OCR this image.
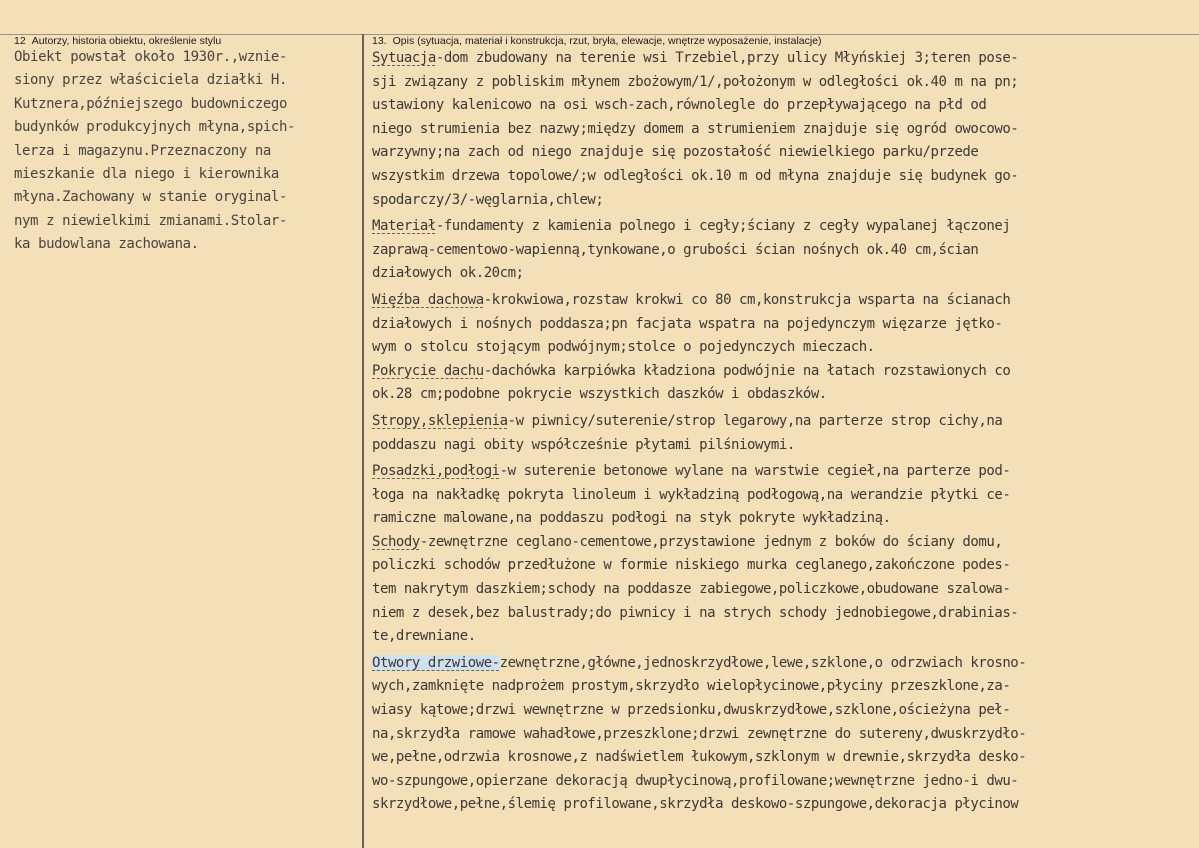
12 Autorzy, historia obiektu, określenie stylu	13. Opis (sytuacja, materiał i konstrukcja, rzut, bryła, elewacje, wnętrze wyposażenie, instalacje)
Obiekt powstał około 1930r.,wznie-
siony przez właściciela działki H.
Kutznera,późniejszego budowniczego
budynków produkcyjnych młyna,spich-
lerza i magazynu.Przeznaczony na
mieszkanie dla niego i kierownika
młyna.Zachowany w stanie oryginal-
nym z niewielkimi zmianami.Stolar-
ka budowlana zachowana.
Sytuacja-dom zbudowany na terenie wsi Trzebiel,przy ulicy Młyńskiej 3;teren pose-
sji związany z pobliskim młynem zbożowym/1/,położonym w odległości ok.40 m na pn;
ustawiony kalenicowo na osi wsch-zach,równolegle do przepływającego na płd od
niego strumienia bez nazwy;między domem a strumieniem znajduje się ogród owocowo-
warzywny;na zach od niego znajduje się pozostałość niewielkiego parku/przede
wszystkim drzewa topolowe/;w odległości ok.10 m od młyna znajduje się budynek go-
spodarczy/3/-węglarnia,chlew;
Materiał-fundamenty z kamienia polnego i cegły;ściany z cegły wypalanej łączonej
zaprawą-cementowo-wapienną,tynkowane,o grubości ścian nośnych ok.40 cm,ścian
działowych ok.20cm;
Więźba dachowa-krokwiowa,rozstaw krokwi co 80 cm,konstrukcja wsparta na ścianach
działowych i nośnych poddasza;pn facjata wspatra na pojedynczym więzarze jętko-
wym o stolcu stojącym podwójnym;stolce o pojedynczych mieczach.
Pokrycie dachu-dachówka karpiówka kładziona podwójnie na łatach rozstawionych co
ok.28 cm;podobne pokrycie wszystkich daszków i obdaszków.
Stropy,sklepienia-w piwnicy/suterenie/strop legarowy,na parterze strop cichy,na
poddaszu nagi obity współcześnie płytami pilśniowymi.
Posadzki,podłogi-w suterenie betonowe wylane na warstwie cegieł,na parterze pod-
łoga na nakładkę pokryta linoleum i wykładziną podłogową,na werandzie płytki ce-
ramiczne malowane,na poddaszu podłogi na styk pokryte wykładziną.
Schody-zewnętrzne ceglano-cementowe,przystawione jednym z boków do ściany domu,
policzki schodów przedłużone w formie niskiego murka ceglanego,zakończone podes-
tem nakrytym daszkiem;schody na poddasze zabiegowe,policzkowe,obudowane szalowa-
niem z desek,bez balustrady;do piwnicy i na strych schody jednobiegowe,drabinias-
te,drewniane.
Otwory drzwiowe-zewnętrzne,główne,jednoskrzydłowe,lewe,szklone,o odrzwiach krosno-
wych,zamknięte nadprożem prostym,skrzydło wielopłycinowe,płyciny przeszklone,za-
wiasy kątowe;drzwi wewnętrzne w przedsionku,dwuskrzydłowe,szklone,ościeżyna peł-
na,skrzydła ramowe wahadłowe,przeszklone;drzwi zewnętrzne do sutereny,dwuskrzydło-
we,pełne,odrzwia krosnowe,z nadświetlem łukowym,szklonym w drewnie,skrzydła desko-
wo-szpungowe,opierzane dekoracją dwupłycinową,profilowane;wewnętrzne jedno-i dwu-
skrzydłowe,pełne,ślemię profilowane,skrzydła deskowo-szpungowe,dekoracja płycinow
